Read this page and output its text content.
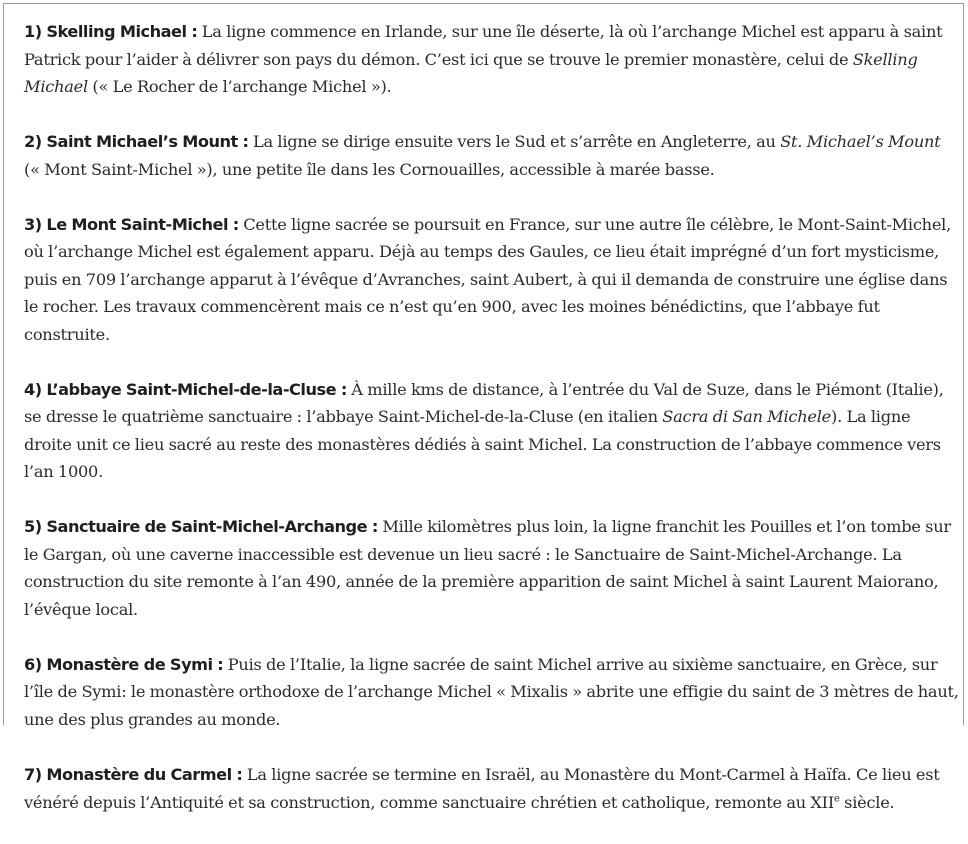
1) Skelling Michael : La ligne commence en Irlande, sur une île déserte, là où l’archange Michel est apparu à saint Patrick pour l’aider à délivrer son pays du démon. C’est ici que se trouve le premier monastère, celui de Skelling Michael (« Le Rocher de l’archange Michel »).

2) Saint Michael’s Mount : La ligne se dirige ensuite vers le Sud et s’arrête en Angleterre, au St. Michael’s Mount (« Mont Saint-Michel »), une petite île dans les Cornouailles, accessible à marée basse.

3) Le Mont Saint-Michel : Cette ligne sacrée se poursuit en France, sur une autre île célèbre, le Mont-Saint-Michel, où l’archange Michel est également apparu. Déjà au temps des Gaules, ce lieu était imprégné d’un fort mysticisme, puis en 709 l’archange apparut à l’évêque d’Avranches, saint Aubert, à qui il demanda de construire une église dans le rocher. Les travaux commencèrent mais ce n’est qu’en 900, avec les moines bénédictins, que l’abbaye fut construite.

4) L’abbaye Saint-Michel-de-la-Cluse : À mille kms de distance, à l’entrée du Val de Suze, dans le Piémont (Italie), se dresse le quatrième sanctuaire : l’abbaye Saint-Michel-de-la-Cluse (en italien Sacra di San Michele). La ligne droite unit ce lieu sacré au reste des monastères dédiés à saint Michel. La construction de l’abbaye commence vers l’an 1000.

5) Sanctuaire de Saint-Michel-Archange : Mille kilomètres plus loin, la ligne franchit les Pouilles et l’on tombe sur le Gargan, où une caverne inaccessible est devenue un lieu sacré : le Sanctuaire de Saint-Michel-Archange. La construction du site remonte à l’an 490, année de la première apparition de saint Michel à saint Laurent Maiorano, l’évêque local.

6) Monastère de Symi : Puis de l’Italie, la ligne sacrée de saint Michel arrive au sixième sanctuaire, en Grèce, sur l’île de Symi: le monastère orthodoxe de l’archange Michel « Mixalis » abrite une effigie du saint de 3 mètres de haut, une des plus grandes au monde.

7) Monastère du Carmel : La ligne sacrée se termine en Israël, au Monastère du Mont-Carmel à Haïfa. Ce lieu est vénéré depuis l’Antiquité et sa construction, comme sanctuaire chrétien et catholique, remonte au XIIe siècle.
